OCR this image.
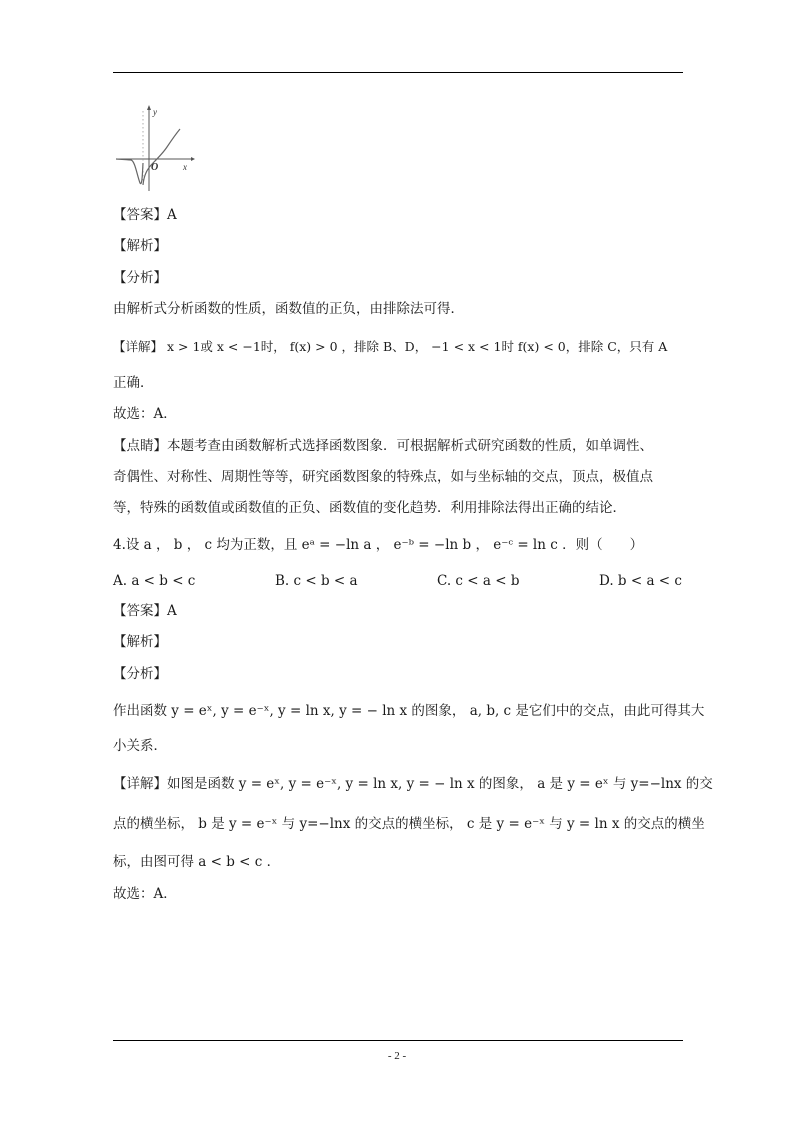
y
x
O
【答案】A
【解析】
【分析】
由解析式分析函数的性质，函数值的正负，由排除法可得．
【详解】 x > 1或 x < −1时， f(x) > 0 ，排除 B、D， −1 < x < 1时 f(x) < 0，排除 C，只有 A
正确．
故选：A．
【点睛】本题考查由函数解析式选择函数图象．可根据解析式研究函数的性质，如单调性、
奇偶性、对称性、周期性等等，研究函数图象的特殊点，如与坐标轴的交点，顶点，极值点
等，特殊的函数值或函数值的正负、函数值的变化趋势．利用排除法得出正确的结论．
4.设 a ， b ， c 均为正数，且 eᵃ = −ln a ， e⁻ᵇ = −ln b ， e⁻ᶜ = ln c ．则（　　）
A. a < b < c	B. c < b < a	C. c < a < b	D. b < a < c
【答案】A
【解析】
【分析】
作出函数 y = eˣ, y = e⁻ˣ, y = ln x, y = − ln x 的图象， a, b, c 是它们中的交点，由此可得其大
小关系．
【详解】如图是函数 y = eˣ, y = e⁻ˣ, y = ln x, y = − ln x 的图象， a 是 y = eˣ 与 y=−lnx 的交
点的横坐标， b 是 y = e⁻ˣ 与 y=−lnx 的交点的横坐标， c 是 y = e⁻ˣ 与 y = ln x 的交点的横坐
标，由图可得 a < b < c ．
故选：A．
- 2 -
